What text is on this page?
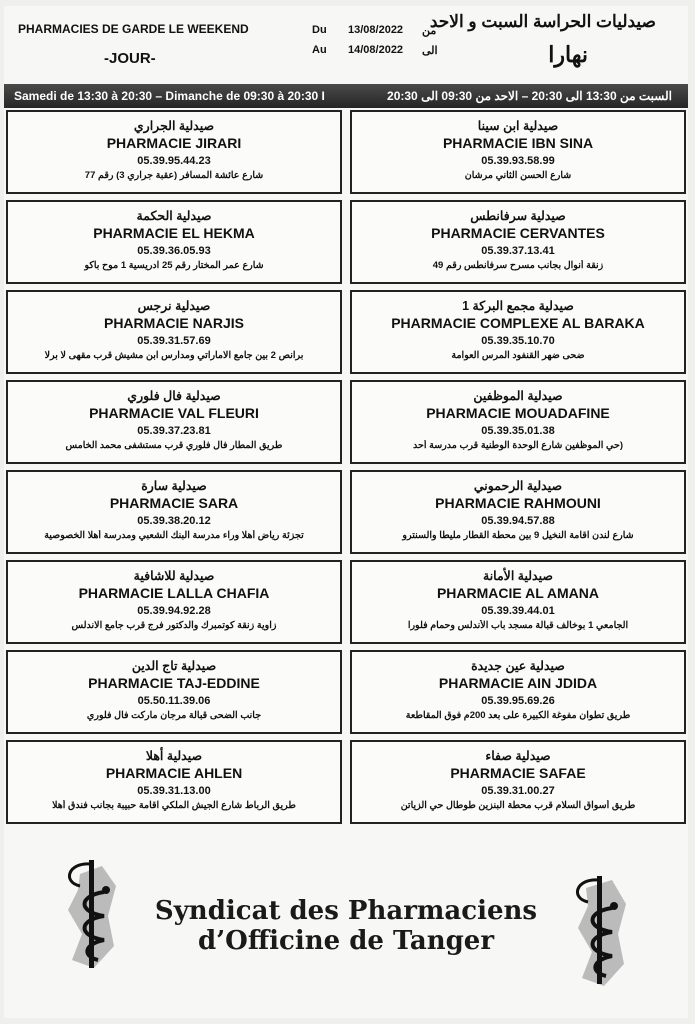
PHARMACIES DE GARDE LE WEEKEND
-JOUR-
Du
Au
13/08/2022
14/08/2022
من
الى
صيدليات الحراسة السبت و الاحد
نهارا
Samedi de 13:30 à 20:30 – Dimanche de 09:30 à 20:30 I	السبت من 13:30 الى 20:30 – الاحد من 09:30 الى 20:30
صيدلية الجراري
PHARMACIE JIRARI
05.39.95.44.23
شارع عائشة المسافر (عقبة جراري 3) رقم 77
صيدلية ابن سينا
PHARMACIE IBN SINA
05.39.93.58.99
شارع الحسن الثاني مرشان
صيدلية الحكمة
PHARMACIE EL HEKMA
05.39.36.05.93
شارع عمر المختار رقم 25 ادريسية 1 موح باكو
صيدلية سرفانطس
PHARMACIE CERVANTES
05.39.37.13.41
زنقة أنوال بجانب مسرح سرفانطس رقم 49
صيدلية نرجس
PHARMACIE NARJIS
05.39.31.57.69
برانص 2 بين جامع الاماراتي ومدارس ابن مشيش قرب مقهى لا برلا
صيدلية مجمع البركة 1
PHARMACIE COMPLEXE AL BARAKA
05.39.35.10.70
ضحى ضهر القنفود المرس العوامة
صيدلية فال فلوري
PHARMACIE VAL FLEURI
05.39.37.23.81
طريق المطار فال فلوري قرب مستشفى محمد الخامس
صيدلية الموظفين
PHARMACIE MOUADAFINE
05.39.35.01.38
(حي الموظفين شارع الوحدة الوطنية قرب مدرسة أحد
صيدلية سارة
PHARMACIE SARA
05.39.38.20.12
تجزئة رياض أهلا وراء مدرسة البنك الشعبي ومدرسة أهلا الخصوصية
صيدلية الرحموني
PHARMACIE RAHMOUNI
05.39.94.57.88
شارع لندن اقامة النخيل 9 بين محطة القطار مليطا والسنترو
صيدلية للاشافية
PHARMACIE LALLA CHAFIA
05.39.94.92.28
زاوية زنقة كوتمبرك والدكتور فرج قرب جامع الاندلس
صيدلية الأمانة
PHARMACIE AL AMANA
05.39.39.44.01
الجامعي 1 بوخالف قبالة مسجد باب الأندلس وحمام فلورا
صيدلية تاج الدين
PHARMACIE TAJ-EDDINE
05.50.11.39.06
جانب الضحى قبالة مرجان ماركت فال فلوري
صيدلية عين جديدة
PHARMACIE AIN JDIDA
05.39.95.69.26
طريق تطوان مفوغة الكبيرة على بعد 200م فوق المقاطعة
صيدلية أهلا
PHARMACIE AHLEN
05.39.31.13.00
طريق الرباط شارع الجيش الملكي اقامة حبيبة بجانب فندق أهلا
صيدلية صفاء
PHARMACIE SAFAE
05.39.31.00.27
طريق أسواق السلام قرب محطة البنزين طوطال حي الزياتن
Syndicat des Pharmaciens
d’Officine de Tanger
